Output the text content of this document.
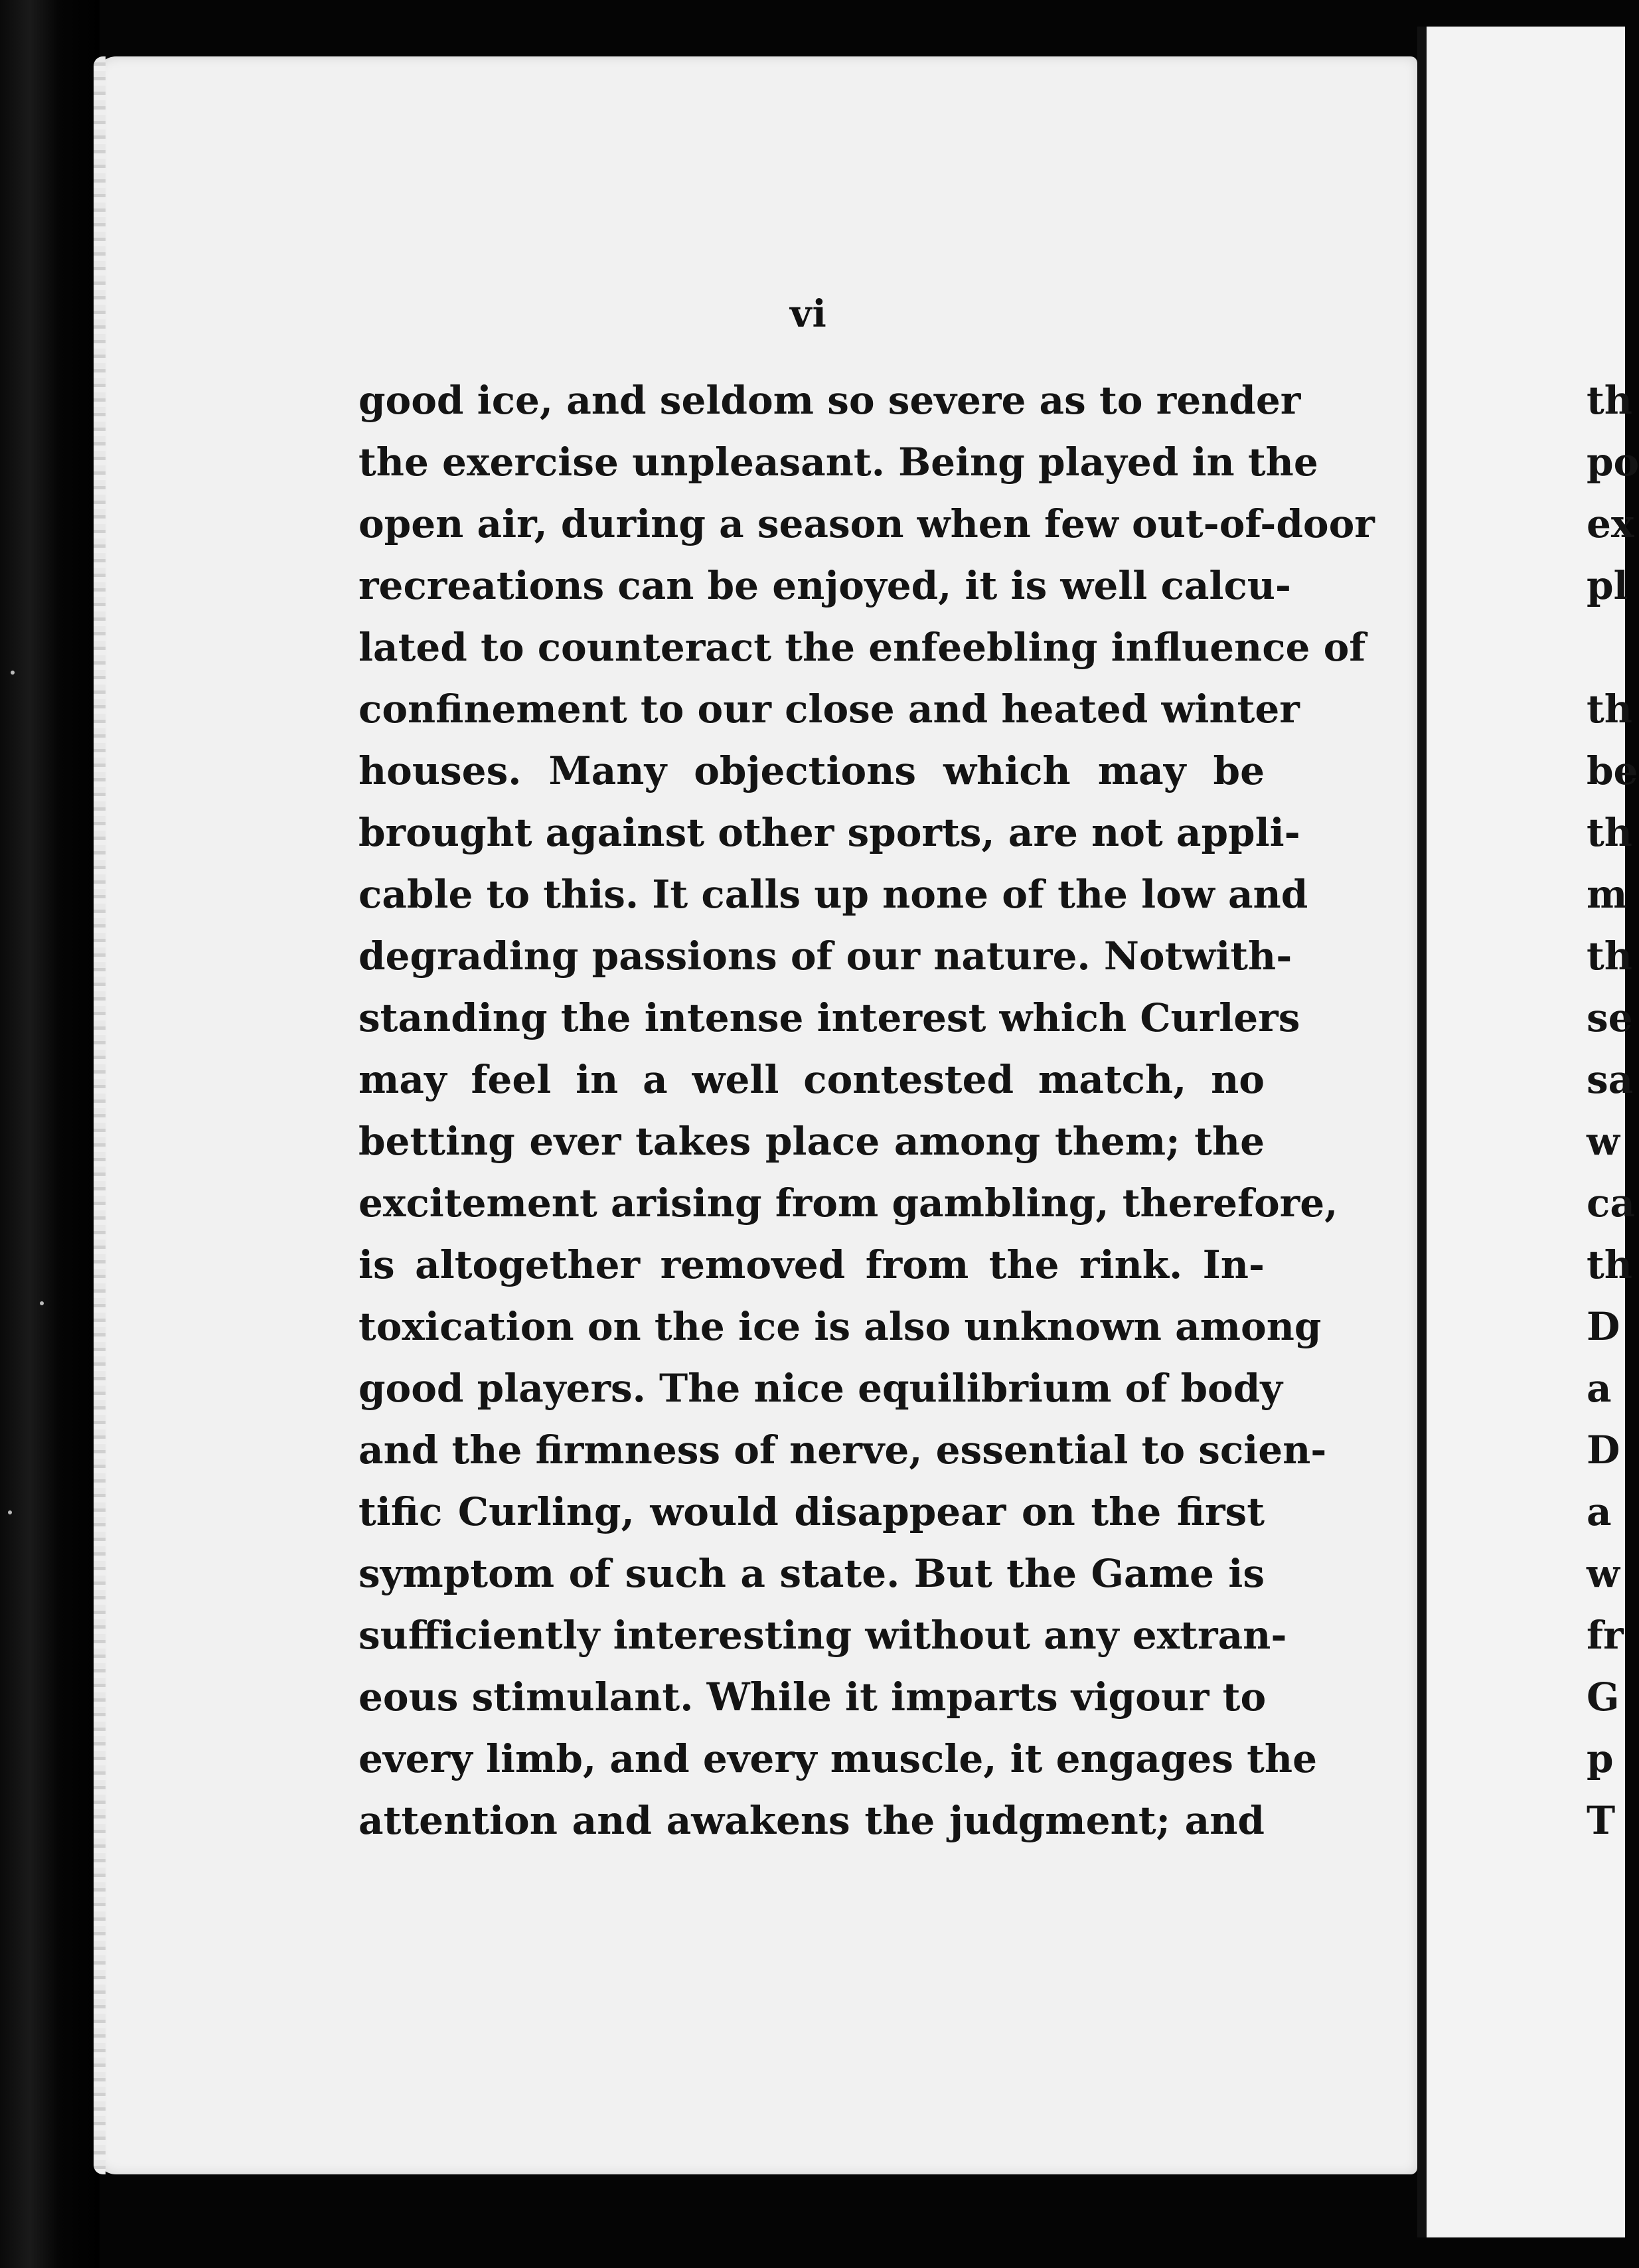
vi
good ice, and seldom so severe as to render
the exercise unpleasant. Being played in the
open air, during a season when few out-of-door
recreations can be enjoyed, it is well calcu-
lated to counteract the enfeebling influence of
confinement to our close and heated winter
houses. Many objections which may be
brought against other sports, are not appli-
cable to this. It calls up none of the low and
degrading passions of our nature. Notwith-
standing the intense interest which Curlers
may feel in a well contested match, no
betting ever takes place among them; the
excitement arising from gambling, therefore,
is altogether removed from the rink. In-
toxication on the ice is also unknown among
good players. The nice equilibrium of body
and the firmness of nerve, essential to scien-
tific Curling, would disappear on the first
symptom of such a state. But the Game is
sufficiently interesting without any extran-
eous stimulant. While it imparts vigour to
every limb, and every muscle, it engages the
attention and awakens the judgment; and
th
po
ex
pl
th
be
th
m
th
se
sa
w
ca
th
D
a
D
a
w
fr
G
p
T
